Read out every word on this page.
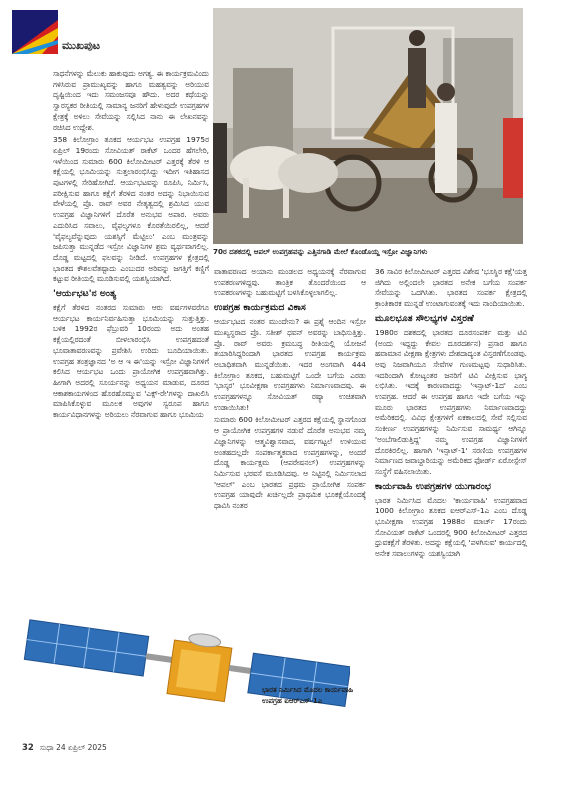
ಮುಖಪುಟ

ಸಾಧನೆಗಳನ್ನು ಮೆಲುಕು ಹಾಕುವುದು ಅಗತ್ಯ. ಈ ಕಾರ್ಯಕ್ರಮವಿಂದು ಗಳಿಸಿರುವ ಪ್ರಾಮುಖ್ಯವನ್ನು ಹಾಗೂ ಮಹತ್ವವನ್ನು ಅರಿಯುವ ದೃಷ್ಟಿಯಿಂದ ಇದು ಸಮಂಜಸವೂ ಹೌದು. ಅದರ ಕಥೆಯನ್ನು ಸ್ವಾರಸ್ಯಕರ ರೀತಿಯಲ್ಲಿ ಸಾಮಾನ್ಯ ಜನರಿಗೆ ಹೇಳುವುದೇ ಉಪಗ್ರಹಗಳ ಕ್ಷೇತ್ರಕ್ಕೆ ಅಳಿಲು ಸೇವೆಯನ್ನು ಸಲ್ಲಿಸಿದ ನಾನು ಈ ಲೇಖನವನ್ನು ರಚಿಸಿದ ಉದ್ದೇಶ.

358 ಕಿಲೋಗ್ರಾಂ ತೂಕದ ಆರ್ಯಭಟ ಉಪಗ್ರಹ 1975ರ ಏಪ್ರಿಲ್ 19ರಂದು ಸೋವಿಯತ್ ರಾಕೆಟ್ ಒಂದರ ಹೆಗಲೇರಿ, ಇಳೆಯಿಂದ ಸುಮಾರು 600 ಕಿಲೋಮೀಟರ್ ಎತ್ತರಕ್ಕೆ ತೆರಳಿ ಆ ಕಕ್ಷೆಯಲ್ಲಿ ಭೂಮಿಯನ್ನು ಸುತ್ತಲಾರಂಭಿಸಿದ್ದು ಇದೀಗ ಇತಿಹಾಸದ ಪುಟಗಳಲ್ಲಿ ಸೇರಿಹೋಗಿದೆ. ಆರ್ಯಭಟವನ್ನು ರೂಪಿಸಿ, ನಿರ್ಮಿಸಿ, ಪರೀಕ್ಷಿಸುವ ಹಾಗೂ ಕಕ್ಷೆಗೆ ತೆರಳಿದ ನಂತರ ಅದನ್ನು ನಿಭಾಯಿಸುವ ವೇಳೆಯಲ್ಲಿ ಪ್ರೊ. ರಾವ್ ಅವರ ನೇತೃತ್ವದಲ್ಲಿ ಶ್ರಮಿಸಿದ ಯುವ ಉಪಗ್ರಹ ವಿಜ್ಞಾನಿಗಳಿಗೆ ದೊರೆತ ಅನುಭವ ಅಪಾರ. ಅವರು ಎದುರಿಸಿದ ಸವಾಲು, ವೈಫಲ್ಯಗಳೂ ಕೊರತೆಯಿರಲಿಲ್ಲ, ಆದರೆ 'ವೈಫಲ್ಯವೆನ್ನುವುದು ಯಶಸ್ಸಿಗೆ ಮೆಟ್ಟಿಲು' ಎಂಬ ಮಂತ್ರವನ್ನು ಜಪಿಸುತ್ತಾ ಮುನ್ನಡೆದ ಇಸ್ರೋ ವಿಜ್ಞಾನಿಗಳ ಶ್ರಮ ವ್ಯರ್ಥವಾಗಲಿಲ್ಲ. ದೊಡ್ಡ ಮಟ್ಟದಲ್ಲಿ ಫಲವನ್ನು ನೀಡಿದೆ. ಉಪಗ್ರಹಗಳ ಕ್ಷೇತ್ರದಲ್ಲಿ ಭಾರತದ ಕೌಶಲವೆತಷ್ಟಾದು ಎಂಬುದರ ಅರಿವನ್ನು ಜಗತ್ತಿಗೆ ಕಣ್ಣಿಗೆ ಕಟ್ಟುವ ರೀತಿಯಲ್ಲಿ ಮೂಡಿಸುವಲ್ಲಿ ಯಶಸ್ವಿಯಾಗಿದೆ.

'ಆರ್ಯಭಟ'ನ ಅಂತ್ಯ

ಕಕ್ಷೆಗೆ ತೆರಳಿದ ನಂತರದ ಸುಮಾರು ಆರು ವರ್ಷಗಳವರೆಗೂ ಆರ್ಯಭಟ ಕಾರ್ಯನಿರ್ವಹಿಸುತ್ತಾ ಭೂಮಿಯನ್ನು ಸುತ್ತುತ್ತಿತ್ತು. ಬಳಿಕ 1992ರ ಫೆಬ್ರುವರಿ 10ರಂದು ಅದು ಅಂತಹ ಕಕ್ಷೆಯಲ್ಲಿರದಂತೆ ಬೀಳಲಾರಂಭಿಸಿ ಉಪಗ್ರಹದಂತೆ ಭೂವಾತಾವರಣವನ್ನು ಪ್ರವೇಶಿಸಿ ಉರಿದು ಬೂದಿಯಾಯಿತು. ಉಪಗ್ರಹ ತಂತ್ರಜ್ಞಾನದ 'ಅ ಆ ಇ ಈ'ಯನ್ನು ಇಸ್ರೋ ವಿಜ್ಞಾನಿಗಳಿಗೆ ಕಲಿಸಿದ ಆರ್ಯಭಟ ಒಂದು ಪ್ರಾಯೋಗಿಕ ಉಪಗ್ರಹವಾಗಿತ್ತು. ಹೀಗಾಗಿ ಅದರಲ್ಲಿ ಸೂರ್ಯನನ್ನು ಅಧ್ಯಯನ ಮಾಡುವ, ದೂರದ ಆಕಾಶಕಾಯಗಳಿಂದ ಹೊರಹೊಮ್ಮುವ 'ಎಕ್ಸ್-ರೇ'ಗಳನ್ನು ದಾಖಲಿಸಿ ಮಾಪಿಸಿಕೊಳ್ಳುವ ಮೂಲಕ ಅವುಗಳ ಸ್ವರೂಪ ಹಾಗೂ ಕಾರ್ಯವಿಧಾನಗಳನ್ನು ಅರಿಯಲು ನೆರವಾಗುವ ಹಾಗೂ ಭೂಮಿಯ

70ರ ದಶಕದಲ್ಲಿ ಆಪಲ್ ಉಪಗ್ರಹವನ್ನು ಎತ್ತಿನಗಾಡಿ ಮೇಲೆ ಕೊಂಡೊಯ್ದ ಇಸ್ರೋ ವಿಜ್ಞಾನಿಗಳು

ವಾತಾವರಣದ ಅಯಾನು ಮಂಡಲದ ಅಧ್ಯಯನಕ್ಕೆ ನೆರವಾಗುವ ಉಪಕರಣಗಳಿದ್ದವು. ತಾಂತ್ರಿಕ ತೊಂದರೆಯಿಂದ ಆ ಉಪಕರಣಗಳನ್ನು ಬಹುಮಟ್ಟಿಗೆ ಬಳಸಿಕೊಳ್ಳಲಾಗಲಿಲ್ಲ.

ಉಪಗ್ರಹ ಕಾರ್ಯಕ್ರಮದ ವಿಕಾಸ

ಆರ್ಯಭಟದ ನಂತರ ಮುಂದೇನು? ಈ ಪ್ರಶ್ನೆ ಆಂದಿನ ಇಸ್ರೋ ಮುಖ್ಯಸ್ಥರಾದ ಪ್ರೊ. ಸತೀಶ್ ಧವನ್ ಅವರನ್ನು ಬಾಧಿಸುತ್ತಿತ್ತು. ಪ್ರೊ. ರಾವ್ ಅವರು ಕ್ರಮಬದ್ಧ ರೀತಿಯಲ್ಲಿ ಯೋಜನೆ ತಯಾರಿಸಿದ್ದರಿಂದಾಗಿ ಭಾರತದ ಉಪಗ್ರಹ ಕಾರ್ಯಕ್ರಮ ಅಬಾಧಿತವಾಗಿ ಮುನ್ನಡೆಯಿತು. ಇದರ ಅಂಗವಾಗಿ 444 ಕಿಲೋಗ್ರಾಂ ತೂಕದ, ಬಹುಮಟ್ಟಿಗೆ ಒಂದೇ ಬಗೆಯ ಎರಡು 'ಭಾಸ್ಕರ' ಭೂವೀಕ್ಷಣಾ ಉಪಗ್ರಹಗಳು ನಿರ್ಮಾಣವಾದವು. ಈ ಉಪಗ್ರಹಗಳನ್ನೂ ಸೋವಿಯತ್ ರಷ್ಯಾ ಉಚಿತವಾಗಿ ಉಡಾಯಿಸಿತು!

ಸುಮಾರು 600 ಕಿಲೋಮೀಟರ್ ಎತ್ತರದ ಕಕ್ಷೆಯಲ್ಲಿ ಸ್ಥಾನಗೊಂಡ ಆ ಪ್ರಾಯೋಗಿಕ ಉಪಗ್ರಹಗಳ ನಡುವೆ ದೊರೆತ ಅನುಭವ ನಮ್ಮ ವಿಜ್ಞಾನಿಗಳನ್ನು ಆತ್ಮವಿಶ್ವಾಸವಾದ, ವರ್ಷಗಟ್ಟಲೆ ಉಳಿಯುವ ಅಂತಹದಲ್ಲದೇ ಸಂಪರ್ಕಾತ್ಮಕವಾದ ಉಪಗ್ರಹಗಳನ್ನು, ಅಂದರೆ ದೊಡ್ಡ ಕಾರ್ಯಕ್ಷಮ (ಆಪರೇಷನಲ್) ಉಪಗ್ರಹಗಳನ್ನು ನಿರ್ಮಿಸುವ ಭರವಸೆ ಮೂಡಿಸಿದವು. ಆ ನಿಟ್ಟಿನಲ್ಲಿ ನಿರ್ಮಿಸಲಾದ 'ಆಪಲ್' ಎಂಬ ಭಾರತದ ಪ್ರಥಮ ಪ್ರಾಯೋಗಿಕ ಸಂಪರ್ಕ ಉಪಗ್ರಹ ಯಾವುದೇ ಖರ್ಚಿಲ್ಲದೇ ಪ್ರಾಥಮಿಕ ಭೂಕಕ್ಷೆಯೊಂದಕ್ಕೆ ಧಾವಿಸಿ ನಂತರ

36 ಸಾವಿರ ಕಿಲೋಮೀಟರ್ ಎತ್ತರದ ವಿಶೇಷ 'ಭೂಸ್ಥಿರ ಕಕ್ಷೆ'ಯತ್ತ ಜಿಗಿದು ಅಲ್ಲಿಂದಲೇ ಭಾರತದ ಅನೇಕ ಬಗೆಯ ಸಂಪರ್ಕ ಸೇವೆಯನ್ನು ಒದಗಿಸಿತು. ಭಾರತದ ಸಂಪರ್ಕ ಕ್ಷೇತ್ರದಲ್ಲಿ ಕ್ರಾಂತಿಕಾರಕ ಮುನ್ನಡೆ ಉಂಟಾಗುವಂತಕ್ಕೆ ಇದು ನಾಂದಿಯಾಯಿತು.

ಮೂಲಭೂತ ಸೌಲಭ್ಯಗಳ ವಿಸ್ತರಣೆ

1980ರ ದಶಕದಲ್ಲಿ ಭಾರತದ ದೂರಸಂಪರ್ಕ ಮತ್ತು ಟಿವಿ (ಅಂದು ಇದ್ದದ್ದು ಕೇವಲ ದೂರದರ್ಶನ) ಪ್ರಸಾರ ಹಾಗೂ ಹವಾಮಾನ ವೀಕ್ಷಣಾ ಕ್ಷೇತ್ರಗಳು ದೇಶದಾದ್ಯಂತ ವಿಸ್ತರಣೆಗೊಂಡವು. ಅವು ನಿಜವಾಗಿಯೂ ಸೇವೆಗಳ ಗುಣಮಟ್ಟವು ಸುಧಾರಿಸಿತು. ಇದರಿಂದಾಗಿ ಕೋಟ್ಯಂತರ ಜನರಿಗೆ ಟಿವಿ ವೀಕ್ಷಿಸುವ ಭಾಗ್ಯ ಲಭಿಸಿತು. ಇದಕ್ಕೆ ಕಾರಣವಾದದ್ದು 'ಇನ್ಸಾಟ್-1ದ' ಎಂಬ ಉಪಗ್ರಹ. ಆದರೆ ಈ ಉಪಗ್ರಹ ಹಾಗೂ ಇದೇ ಬಗೆಯ ಇನ್ನು ಮೂರು ಭಾರತದ ಉಪಗ್ರಹಗಳು ನಿರ್ಮಾಣವಾದದ್ದು ಅಮೆರಿಕದಲ್ಲಿ. ವಿವಿಧ ಕ್ಷೇತ್ರಗಳಿಗೆ ಏಕಕಾಲದಲ್ಲಿ ಸೇವೆ ಸಲ್ಲಿಸುವ ಸಂಕೀರ್ಣ ಉಪಗ್ರಹಗಳನ್ನು ನಿರ್ಮಿಸುವ ಸಾಮರ್ಥ್ಯ ಆಗಿನ್ನೂ 'ಅಂಬೆಗಾಲಿಡುತ್ತಿದ್ದ' ನಮ್ಮ ಉಪಗ್ರಹ ವಿಜ್ಞಾನಿಗಳಿಗೆ ದೊರಕಿರಲಿಲ್ಲ. ಹಾಗಾಗಿ 'ಇನ್ಸಾಟ್-1' ಸರಣಿಯ ಉಪಗ್ರಹಗಳ ನಿರ್ಮಾಣದ ಜವಾಬ್ದಾರಿಯನ್ನು ಅಮೆರಿಕದ ಫೋರ್ಡ್ ಏರೋಸ್ಪೇಸ್ ಸಂಸ್ಥೆಗೆ ವಹಿಸಲಾಯಿತು.

ಕಾರ್ಯವಾಹಿ ಉಪಗ್ರಹಗಳ ಯುಗಾರಂಭ

ಭಾರತ ನಿರ್ಮಿಸಿದ ಮೊದಲ 'ಕಾರ್ಯವಾಹಿ' ಉಪಗ್ರಹವಾದ 1000 ಕಿಲೋಗ್ರಾಂ ತೂಕದ ಐಆರ್‌ಎಸ್-1ಎ ಎಂಬ ದೊಡ್ಡ ಭೂವೀಕ್ಷಣಾ ಉಪಗ್ರಹ 1988ರ ಮಾರ್ಚ್ 17ರಂದು ಸೋವಿಯತ್ ರಾಕೆಟ್ ಒಂದರಲ್ಲಿ 900 ಕಿಲೋಮೀಟರ್ ಎತ್ತರದ ಧ್ರುವಕಕ್ಷೆಗೆ ತೆರಳಿತು. ಅದನ್ನು ಕಕ್ಷೆಯಲ್ಲಿ 'ಪಳಗಿಸುವ' ಕಾರ್ಯದಲ್ಲಿ ಅನೇಕ ಸವಾಲುಗಳನ್ನು ಯಶಸ್ವಿಯಾಗಿ

ಭಾರತ ನಿರ್ಮಿಸಿದ ಮೊದಲ ಕಾರ್ಯವಾಹಿ ಉಪಗ್ರಹ ಐಆರ್‌ಎಸ್-1ಎ
32 ಸುಧಾ 24 ಏಪ್ರಿಲ್ 2025
